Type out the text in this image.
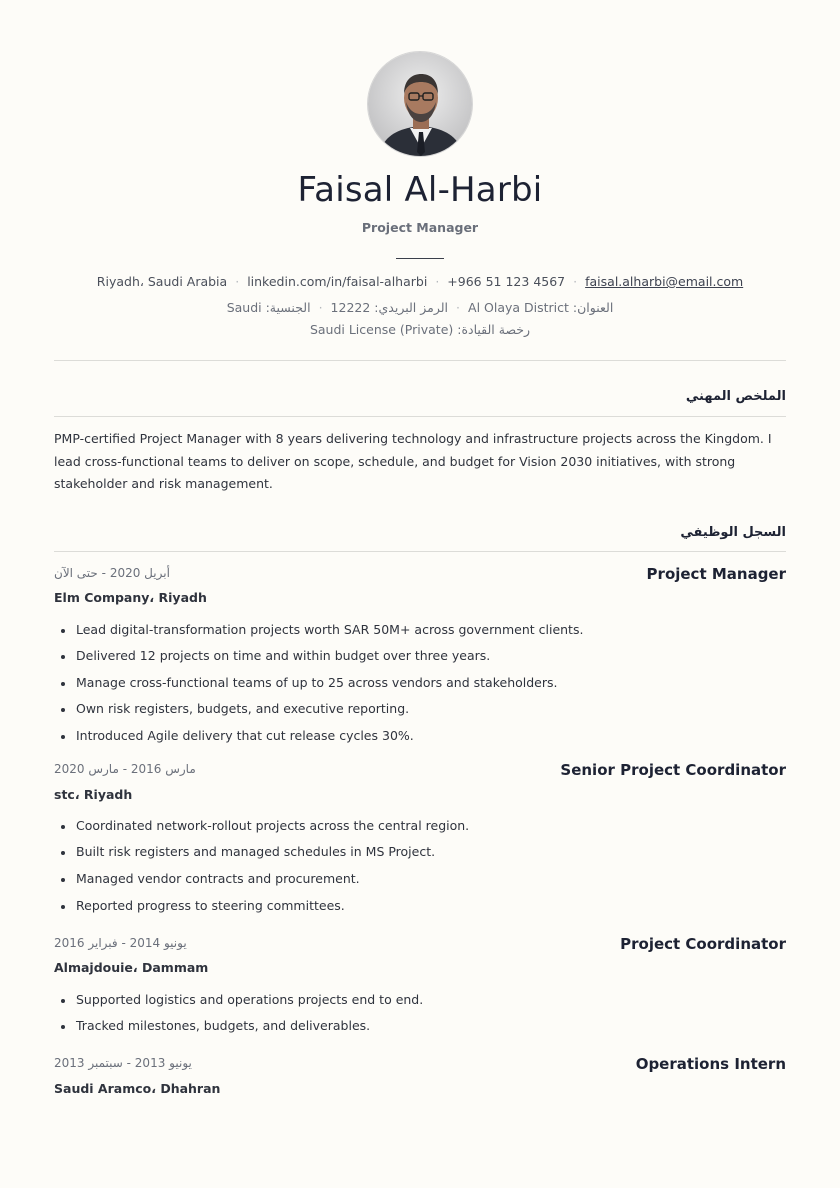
Faisal Al-Harbi
Project Manager
Riyadh، Saudi Arabia · linkedin.com/in/faisal-alharbi · +966 51 123 4567 · faisal.alharbi@email.com
الجنسية: Saudi · الرمز البريدي: 12222 · العنوان: Al Olaya District
رخصة القيادة: Saudi License (Private)
الملخص المهني
PMP-certified Project Manager with 8 years delivering technology and infrastructure projects across the Kingdom. I lead cross-functional teams to deliver on scope, schedule, and budget for Vision 2030 initiatives, with strong stakeholder and risk management.
السجل الوظيفي
أبريل 2020 - حتى الآن	Project Manager
Elm Company، Riyadh
Lead digital-transformation projects worth SAR 50M+ across government clients.
Delivered 12 projects on time and within budget over three years.
Manage cross-functional teams of up to 25 across vendors and stakeholders.
Own risk registers, budgets, and executive reporting.
Introduced Agile delivery that cut release cycles 30%.
مارس 2016 - مارس 2020	Senior Project Coordinator
stc، Riyadh
Coordinated network-rollout projects across the central region.
Built risk registers and managed schedules in MS Project.
Managed vendor contracts and procurement.
Reported progress to steering committees.
يونيو 2014 - فبراير 2016	Project Coordinator
Almajdouie، Dammam
Supported logistics and operations projects end to end.
Tracked milestones, budgets, and deliverables.
يونيو 2013 - سبتمبر 2013	Operations Intern
Saudi Aramco، Dhahran
